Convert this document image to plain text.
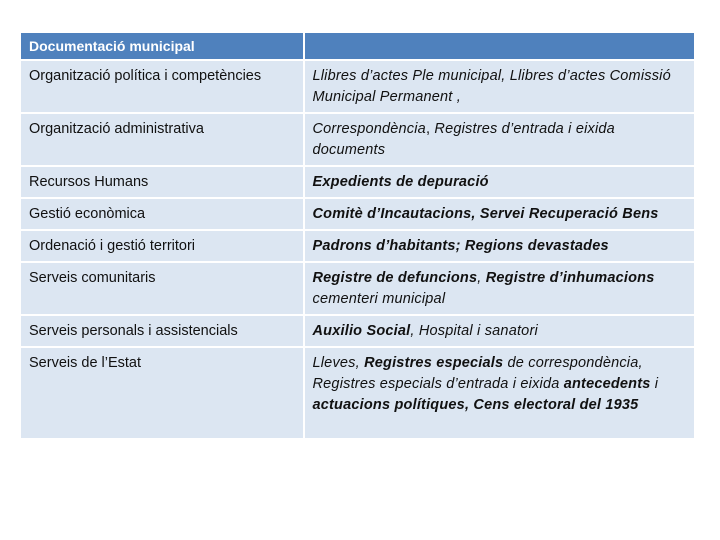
Documentació municipal	
Organització política i competències	Llibres d’actes Ple municipal, Llibres d’actes Comissió Municipal Permanent ,
Organització administrativa	Correspondència, Registres d’entrada i eixida documents
Recursos Humans	Expedients de depuració
Gestió econòmica	Comitè d’Incautacions, Servei Recuperació Bens
Ordenació i gestió territori	Padrons d’habitants; Regions devastades
Serveis comunitaris	Registre de defuncions, Registre d’inhumacions cementeri municipal
Serveis personals i assistencials	Auxilio Social, Hospital i sanatori
Serveis de l’Estat	Lleves, Registres especials de correspondència, Registres especials d’entrada i eixida antecedents i actuacions polítiques, Cens electoral del 1935
